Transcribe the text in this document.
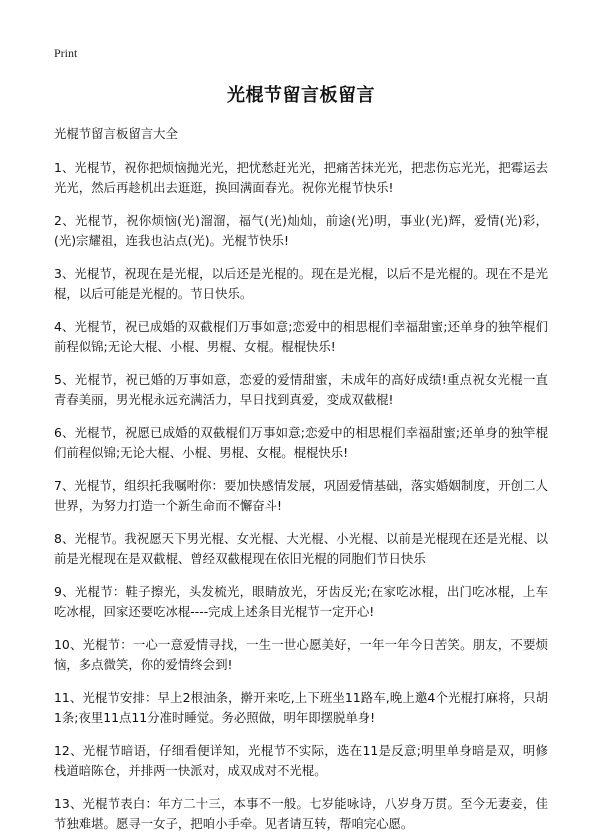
Print
光棍节留言板留言
光棍节留言板留言大全

1、光棍节，祝你把烦恼抛光光，把忧愁赶光光，把痛苦抹光光，把悲伤忘光光，把霉运去光光，然后再趁机出去逛逛，换回满面春光。祝你光棍节快乐!

2、光棍节，祝你烦恼(光)溜溜，福气(光)灿灿，前途(光)明，事业(光)辉，爱情(光)彩，(光)宗耀祖，连我也沾点(光)。光棍节快乐!

3、光棍节，祝现在是光棍，以后还是光棍的。现在是光棍，以后不是光棍的。现在不是光棍，以后可能是光棍的。节日快乐。

4、光棍节，祝已成婚的双截棍们万事如意;恋爱中的相思棍们幸福甜蜜;还单身的独竿棍们前程似锦;无论大棍、小棍、男棍、女棍。棍棍快乐!

5、光棍节，祝已婚的万事如意，恋爱的爱情甜蜜，未成年的高好成绩!重点祝女光棍一直青春美丽，男光棍永远充满活力，早日找到真爱，变成双截棍!

6、光棍节，祝愿已成婚的双截棍们万事如意;恋爱中的相思棍们幸福甜蜜;还单身的独竿棍们前程似锦;无论大棍、小棍、男棍、女棍。棍棍快乐!

7、光棍节，组织托我嘱咐你：要加快感情发展，巩固爱情基础，落实婚姻制度，开创二人世界，为努力打造一个新生命而不懈奋斗!

8、光棍节。我祝愿天下男光棍、女光棍、大光棍、小光棍、以前是光棍现在还是光棍、以前是光棍现在是双截棍、曾经双截棍现在依旧光棍的同胞们节日快乐

9、光棍节：鞋子擦光，头发梳光，眼睛放光，牙齿反光;在家吃冰棍，出门吃冰棍，上车吃冰棍，回家还要吃冰棍----完成上述条目光棍节一定开心!

10、光棍节：一心一意爱情寻找，一生一世心愿美好，一年一年今日苦笑。朋友，不要烦恼，多点微笑，你的爱情终会到!

11、光棍节安排：早上2根油条，擀开来吃,上下班坐11路车,晚上邀4个光棍打麻将，只胡1条;夜里11点11分准时睡觉。务必照做，明年即摆脱单身!

12、光棍节暗语，仔细看便详知，光棍节不实际，选在11是反意;明里单身暗是双，明修栈道暗陈仓，并排两一快派对，成双成对不光棍。

13、光棍节表白：年方二十三，本事不一般。七岁能咏诗，八岁身万贯。至今无妻妾，佳节独难堪。愿寻一女子，把咱小手牵。见者请互转，帮咱完心愿。
